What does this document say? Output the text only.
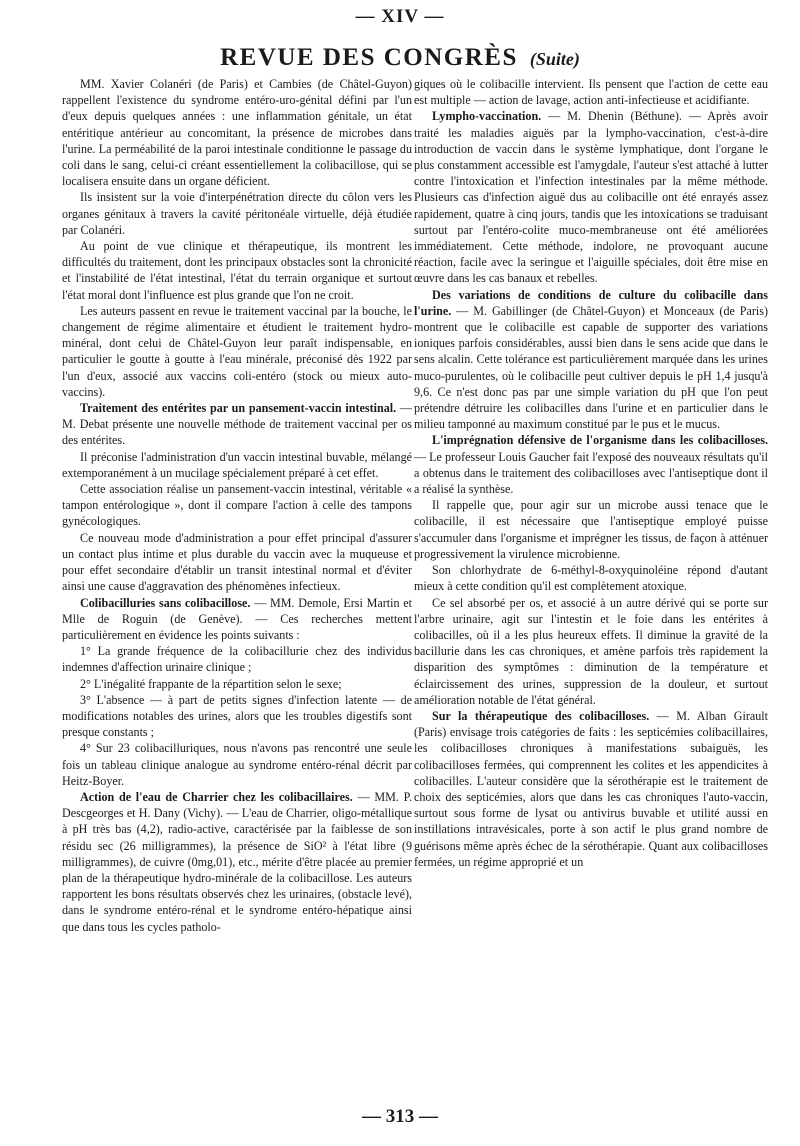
— XIV —
REVUE DES CONGRÈS (Suite)

MM. Xavier Colanéri (de Paris) et Cambies (de Châtel-Guyon) rappellent l'existence du syndrome entéro-uro-génital défini par l'un d'eux depuis quelques années : une inflammation génitale, un état entéritique antérieur au concomitant, la présence de microbes dans l'urine. La perméabilité de la paroi intestinale conditionne le passage du coli dans le sang, celui-ci créant essentiellement la colibacillose, qui se localisera ensuite dans un organe déficient.

Ils insistent sur la voie d'interpénétration directe du côlon vers les organes génitaux à travers la cavité péritonéale virtuelle, déjà étudiée par Colanéri.

Au point de vue clinique et thérapeutique, ils montrent les difficultés du traitement, dont les principaux obstacles sont la chronicité et l'instabilité de l'état intestinal, l'état du terrain organique et surtout l'état moral dont l'influence est plus grande que l'on ne croit.

Les auteurs passent en revue le traitement vaccinal par la bouche, le changement de régime alimentaire et étudient le traitement hydro-minéral, dont celui de Châtel-Guyon leur paraît indispensable, en particulier le goutte à goutte à l'eau minérale, préconisé dès 1922 par l'un d'eux, associé aux vaccins coli-entéro (stock ou mieux auto-vaccins).

Traitement des entérites par un pansement-vaccin intestinal. — M. Debat présente une nouvelle méthode de traitement vaccinal per os des entérites.

Il préconise l'administration d'un vaccin intestinal buvable, mélangé extemporanément à un mucilage spécialement préparé à cet effet.

Cette association réalise un pansement-vaccin intestinal, véritable « tampon entérologique », dont il compare l'action à celle des tampons gynécologiques.

Ce nouveau mode d'administration a pour effet principal d'assurer un contact plus intime et plus durable du vaccin avec la muqueuse et pour effet secondaire d'établir un transit intestinal normal et d'éviter ainsi une cause d'aggravation des phénomènes infectieux.

Colibacilluries sans colibacillose. — MM. Demole, Ersi Martin et Mlle de Roguin (de Genève). — Ces recherches mettent particulièrement en évidence les points suivants :

1° La grande fréquence de la colibacillurie chez des individus indemnes d'affection urinaire clinique ;

2° L'inégalité frappante de la répartition selon le sexe;

3° L'absence — à part de petits signes d'infection latente — de modifications notables des urines, alors que les troubles digestifs sont presque constants ;

4° Sur 23 colibacilluriques, nous n'avons pas rencontré une seule fois un tableau clinique analogue au syndrome entéro-rénal décrit par Heitz-Boyer.

Action de l'eau de Charrier chez les colibacillaires. — MM. P. Descgeorges et H. Dany (Vichy). — L'eau de Charrier, oligo-métallique à pH très bas (4,2), radio-active, caractérisée par la faiblesse de son résidu sec (26 milligrammes), la présence de SiO² à l'état libre (9 milligrammes), de cuivre (0mg,01), etc., mérite d'être placée au premier plan de la thérapeutique hydro-minérale de la colibacillose. Les auteurs rapportent les bons résultats observés chez les urinaires, (obstacle levé), dans le syndrome entéro-rénal et le syndrome entéro-hépatique ainsi que dans tous les cycles patholo-

giques où le colibacille intervient. Ils pensent que l'action de cette eau est multiple — action de lavage, action anti-infectieuse et acidifiante.

Lympho-vaccination. — M. Dhenin (Béthune). — Après avoir traité les maladies aiguës par la lympho-vaccination, c'est-à-dire introduction de vaccin dans le système lymphatique, dont l'organe le plus constamment accessible est l'amygdale, l'auteur s'est attaché à lutter contre l'intoxication et l'infection intestinales par la même méthode. Plusieurs cas d'infection aiguë dus au colibacille ont été enrayés assez rapidement, quatre à cinq jours, tandis que les intoxications se traduisant surtout par l'entéro-colite muco-membraneuse ont été améliorées immédiatement. Cette méthode, indolore, ne provoquant aucune réaction, facile avec la seringue et l'aiguille spéciales, doit être mise en œuvre dans les cas banaux et rebelles.

Des variations de conditions de culture du colibacille dans l'urine. — M. Gabillinger (de Châtel-Guyon) et Monceaux (de Paris) montrent que le colibacille est capable de supporter des variations ioniques parfois considérables, aussi bien dans le sens acide que dans le sens alcalin. Cette tolérance est particulièrement marquée dans les urines muco-purulentes, où le colibacille peut cultiver depuis le pH 1,4 jusqu'à 9,6. Ce n'est donc pas par une simple variation du pH que l'on peut prétendre détruire les colibacilles dans l'urine et en particulier dans le milieu tamponné au maximum constitué par le pus et le mucus.

L'imprégnation défensive de l'organisme dans les colibacilloses. — Le professeur Louis Gaucher fait l'exposé des nouveaux résultats qu'il a obtenus dans le traitement des colibacilloses avec l'antiseptique dont il a réalisé la synthèse.

Il rappelle que, pour agir sur un microbe aussi tenace que le colibacille, il est nécessaire que l'antiseptique employé puisse s'accumuler dans l'organisme et imprégner les tissus, de façon à atténuer progressivement la virulence microbienne.

Son chlorhydrate de 6-méthyl-8-oxyquinoléine répond d'autant mieux à cette condition qu'il est complètement atoxique.

Ce sel absorbé per os, et associé à un autre dérivé qui se porte sur l'arbre urinaire, agit sur l'intestin et le foie dans les entérites à colibacilles, où il a les plus heureux effets. Il diminue la gravité de la bacillurie dans les cas chroniques, et amène parfois très rapidement la disparition des symptômes : diminution de la température et éclaircissement des urines, suppression de la douleur, et surtout amélioration notable de l'état général.

Sur la thérapeutique des colibacilloses. — M. Alban Girault (Paris) envisage trois catégories de faits : les septicémies colibacillaires, les colibacilloses chroniques à manifestations subaiguës, les colibacilloses fermées, qui comprennent les colites et les appendicites à colibacilles. L'auteur considère que la sérothérapie est le traitement de choix des septicémies, alors que dans les cas chroniques l'auto-vaccin, surtout sous forme de lysat ou antivirus buvable et utilité aussi en instillations intravésicales, porte à son actif le plus grand nombre de guérisons même après échec de la sérothérapie. Quant aux colibacilloses fermées, un régime approprié et un

— 313 —
